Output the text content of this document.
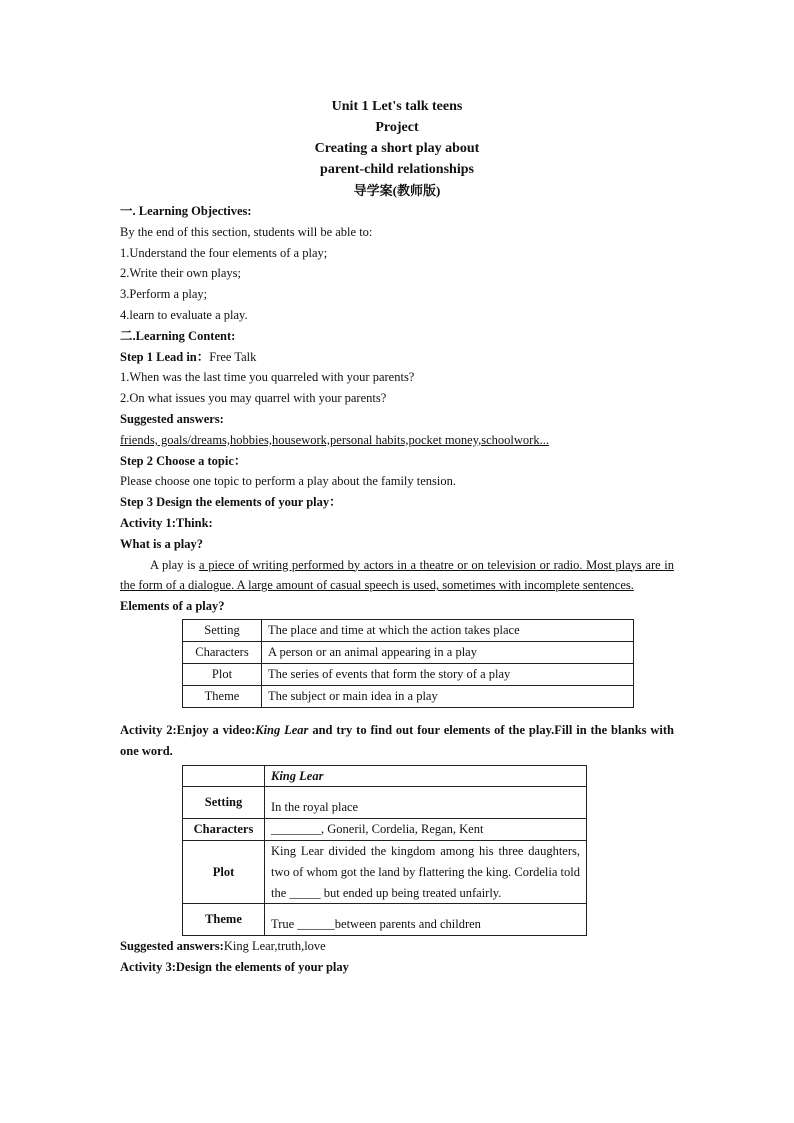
Unit 1 Let's talk teens
Project
Creating a short play about
parent-child relationships
导学案(教师版)
一. Learning Objectives:
By the end of this section, students will be able to:
1.Understand the four elements of a play;
2.Write their own plays;
3.Perform a play;
4.learn to evaluate a play.
二.Learning Content:
Step 1 Lead in：Free Talk
1.When was the last time you quarreled with your parents?
2.On what issues you may quarrel with your parents?
Suggested answers:
friends, goals/dreams,hobbies,housework,personal habits,pocket money,schoolwork...
Step 2 Choose a topic：
Please choose one topic to perform a play about the family tension.
Step 3 Design the elements of your play：
Activity 1:Think:
What is a play?
A play is a piece of writing performed by actors in a theatre or on television or radio. Most plays are in the form of a dialogue. A large amount of casual speech is used, sometimes with incomplete sentences.
Elements of a play?
Setting	The place and time at which the action takes place
Characters	A person or an animal appearing in a play
Plot	The series of events that form the story of a play
Theme	The subject or main idea in a play
Activity 2:Enjoy a video:King Lear and try to find out four elements of the play.Fill in the blanks with one word.
	King Lear
Setting	In the royal place
Characters	________, Goneril, Cordelia, Regan, Kent
Plot	King Lear divided the kingdom among his three daughters, two of whom got the land by flattering the king. Cordelia told the _____ but ended up being treated unfairly.
Theme	True ______between parents and children
Suggested answers:King Lear,truth,love
Activity 3:Design the elements of your play
